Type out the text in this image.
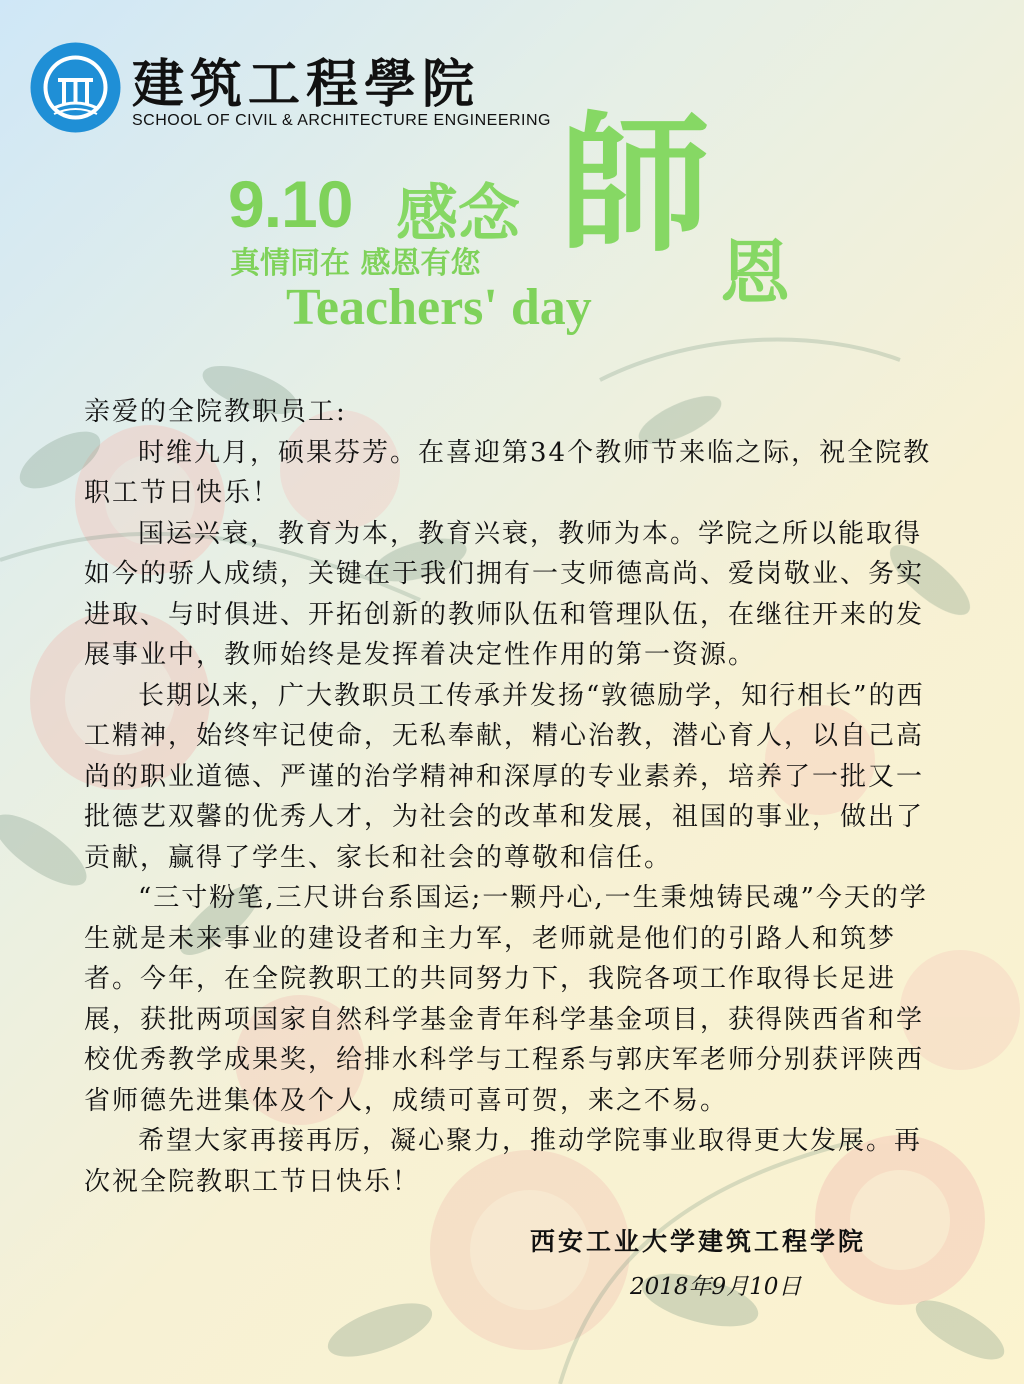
建筑工程學院
SCHOOL OF CIVIL & ARCHITECTURE ENGINEERING
9.10 感念 師 恩
真情同在 感恩有您
Teachers' day

亲爱的全院教职员工:

时维九月，硕果芬芳。在喜迎第34个教师节来临之际，祝全院教职工节日快乐！

国运兴衰，教育为本，教育兴衰，教师为本。学院之所以能取得如今的骄人成绩，关键在于我们拥有一支师德高尚、爱岗敬业、务实进取、与时俱进、开拓创新的教师队伍和管理队伍，在继往开来的发展事业中，教师始终是发挥着决定性作用的第一资源。

长期以来，广大教职员工传承并发扬“敦德励学，知行相长”的西工精神，始终牢记使命，无私奉献，精心治教，潜心育人，以自己高尚的职业道德、严谨的治学精神和深厚的专业素养，培养了一批又一批德艺双馨的优秀人才，为社会的改革和发展，祖国的事业，做出了贡献，赢得了学生、家长和社会的尊敬和信任。

“三寸粉笔,三尺讲台系国运;一颗丹心,一生秉烛铸民魂”今天的学生就是未来事业的建设者和主力军，老师就是他们的引路人和筑梦者。今年，在全院教职工的共同努力下，我院各项工作取得长足进展，获批两项国家自然科学基金青年科学基金项目，获得陕西省和学校优秀教学成果奖，给排水科学与工程系与郭庆军老师分别获评陕西省师德先进集体及个人，成绩可喜可贺，来之不易。

希望大家再接再厉，凝心聚力，推动学院事业取得更大发展。再次祝全院教职工节日快乐！

西安工业大学建筑工程学院
2018年9月10日
